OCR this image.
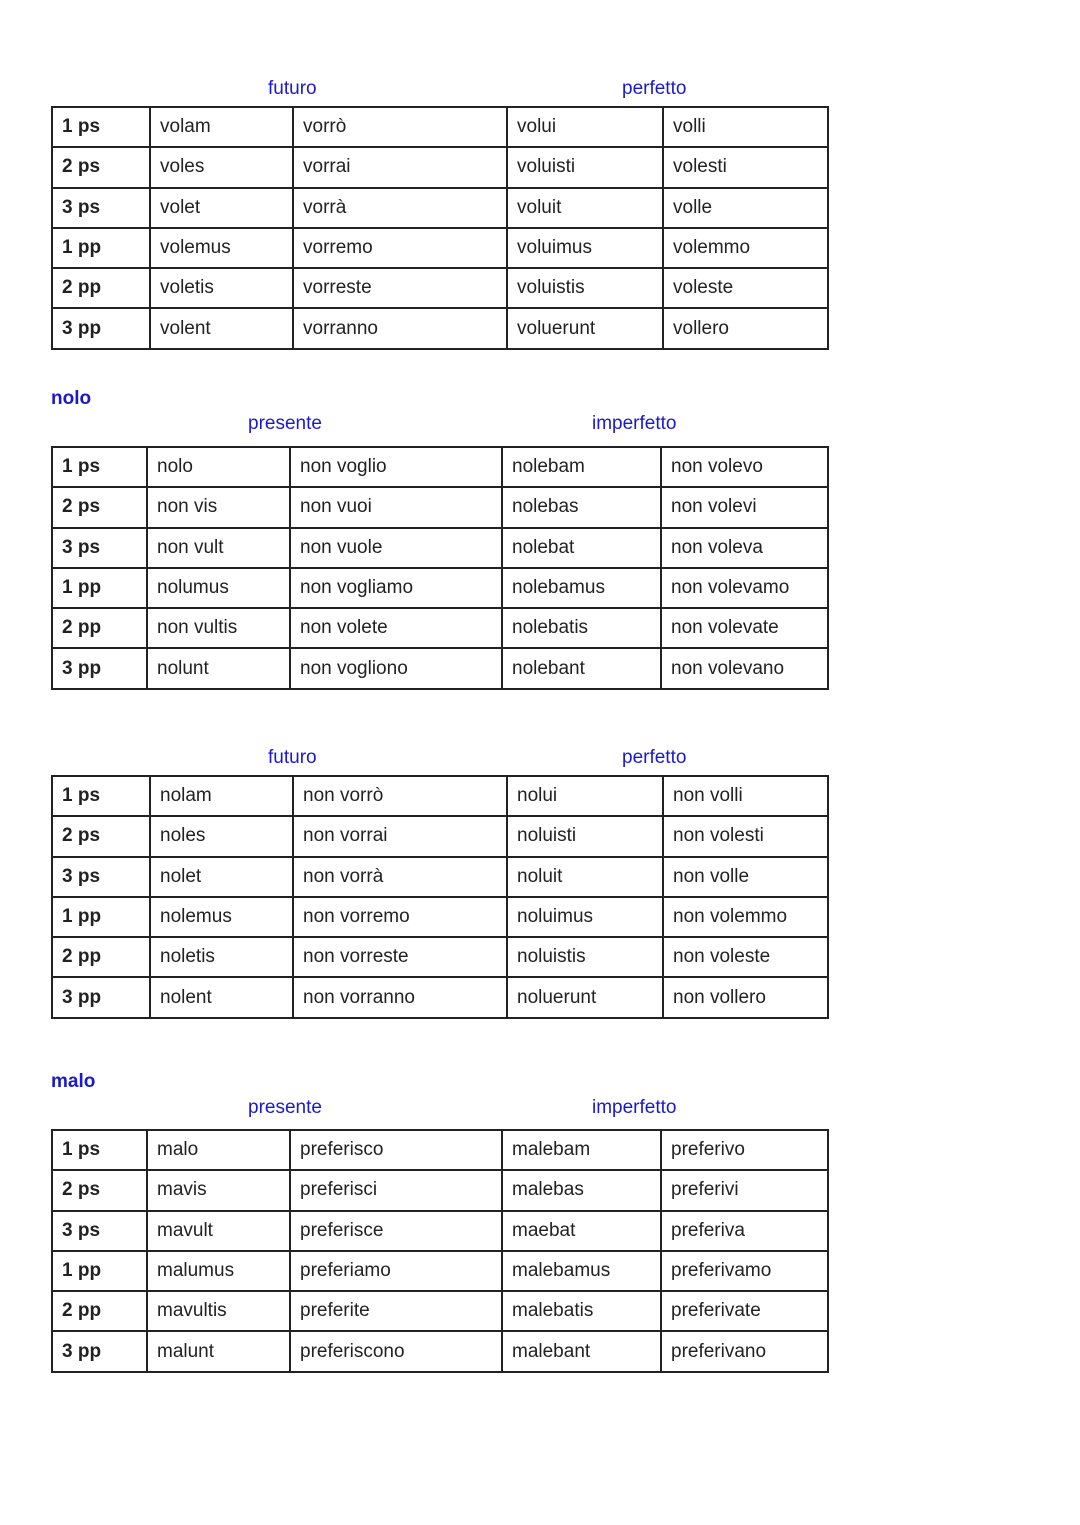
futuro	perfetto
1 ps	volam	vorrò	volui	volli
2 ps	voles	vorrai	voluisti	volesti
3 ps	volet	vorrà	voluit	volle
1 pp	volemus	vorremo	voluimus	volemmo
2 pp	voletis	vorreste	voluistis	voleste
3 pp	volent	vorranno	voluerunt	vollero
nolo
presente	imperfetto
1 ps	nolo	non voglio	nolebam	non volevo
2 ps	non vis	non vuoi	nolebas	non volevi
3 ps	non vult	non vuole	nolebat	non voleva
1 pp	nolumus	non vogliamo	nolebamus	non volevamo
2 pp	non vultis	non volete	nolebatis	non volevate
3 pp	nolunt	non vogliono	nolebant	non volevano
futuro	perfetto
1 ps	nolam	non vorrò	nolui	non volli
2 ps	noles	non vorrai	noluisti	non volesti
3 ps	nolet	non vorrà	noluit	non volle
1 pp	nolemus	non vorremo	noluimus	non volemmo
2 pp	noletis	non vorreste	noluistis	non voleste
3 pp	nolent	non vorranno	noluerunt	non vollero
malo
presente	imperfetto
1 ps	malo	preferisco	malebam	preferivo
2 ps	mavis	preferisci	malebas	preferivi
3 ps	mavult	preferisce	maebat	preferiva
1 pp	malumus	preferiamo	malebamus	preferivamo
2 pp	mavultis	preferite	malebatis	preferivate
3 pp	malunt	preferiscono	malebant	preferivano
